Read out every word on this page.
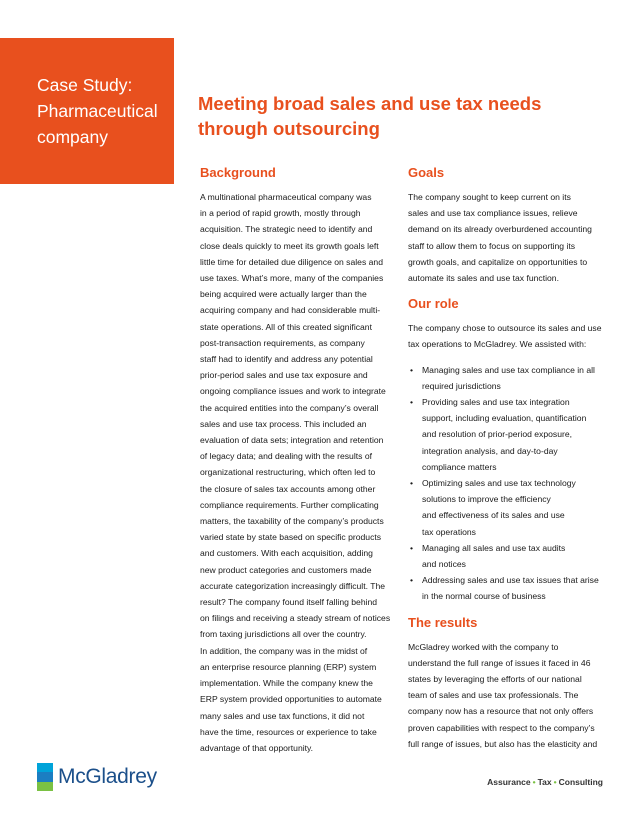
Case Study:
Pharmaceutical
company
Meeting broad sales and use tax needs
through outsourcing
Background
A multinational pharmaceutical company was
in a period of rapid growth, mostly through
acquisition. The strategic need to identify and
close deals quickly to meet its growth goals left
little time for detailed due diligence on sales and
use taxes. What’s more, many of the companies
being acquired were actually larger than the
acquiring company and had considerable multi-
state operations. All of this created significant
post-transaction requirements, as company
staff had to identify and address any potential
prior-period sales and use tax exposure and
ongoing compliance issues and work to integrate
the acquired entities into the company’s overall
sales and use tax process. This included an
evaluation of data sets; integration and retention
of legacy data; and dealing with the results of
organizational restructuring, which often led to
the closure of sales tax accounts among other
compliance requirements. Further complicating
matters, the taxability of the company’s products
varied state by state based on specific products
and customers. With each acquisition, adding
new product categories and customers made
accurate categorization increasingly difficult. The
result? The company found itself falling behind
on filings and receiving a steady stream of notices
from taxing jurisdictions all over the country.
In addition, the company was in the midst of
an enterprise resource planning (ERP) system
implementation. While the company knew the
ERP system provided opportunities to automate
many sales and use tax functions, it did not
have the time, resources or experience to take
advantage of that opportunity.
Goals
The company sought to keep current on its
sales and use tax compliance issues, relieve
demand on its already overburdened accounting
staff to allow them to focus on supporting its
growth goals, and capitalize on opportunities to
automate its sales and use tax function.
Our role
The company chose to outsource its sales and use
tax operations to McGladrey. We assisted with:
• Managing sales and use tax compliance in all
required jurisdictions
• Providing sales and use tax integration
support, including evaluation, quantification
and resolution of prior-period exposure,
integration analysis, and day-to-day
compliance matters
• Optimizing sales and use tax technology
solutions to improve the efficiency
and effectiveness of its sales and use
tax operations
• Managing all sales and use tax audits
and notices
• Addressing sales and use tax issues that arise
in the normal course of business
The results
McGladrey worked with the company to
understand the full range of issues it faced in 46
states by leveraging the efforts of our national
team of sales and use tax professionals. The
company now has a resource that not only offers
proven capabilities with respect to the company’s
full range of issues, but also has the elasticity and
McGladrey	Assurance • Tax • Consulting
